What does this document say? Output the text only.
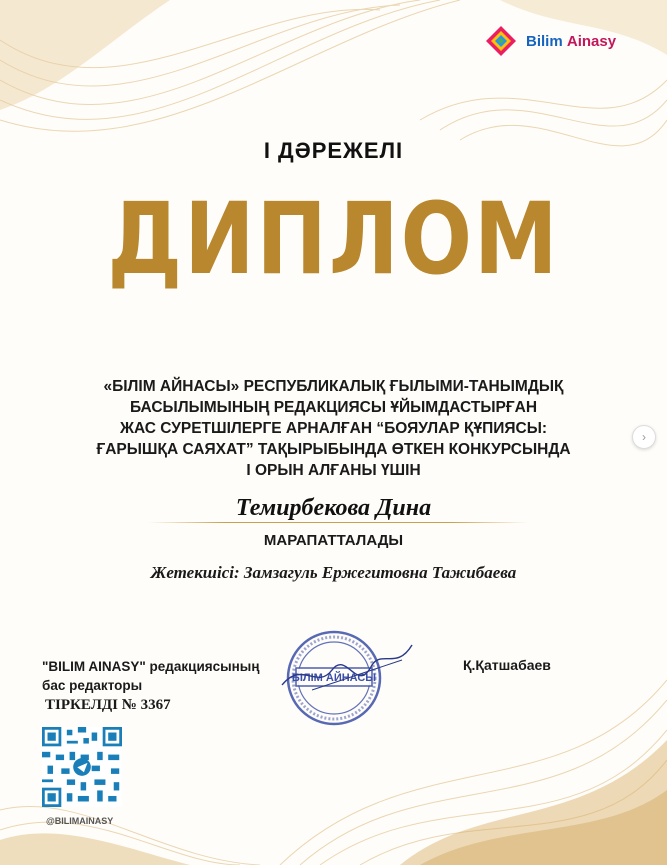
Bilim Ainasy
I ДӘРЕЖЕЛІ
ДИПЛОМ
«БІЛІМ АЙНАСЫ» РЕСПУБЛИКАЛЫҚ ҒЫЛЫМИ-ТАНЫМДЫҚ
БАСЫЛЫМЫНЫҢ РЕДАКЦИЯСЫ ҰЙЫМДАСТЫРҒАН
ЖАС СУРЕТШІЛЕРГЕ АРНАЛҒАН “БОЯУЛАР ҚҰПИЯСЫ:
ҒАРЫШҚА САЯХАТ” ТАҚЫРЫБЫНДА ӨТКЕН КОНКУРСЫНДА
І ОРЫН АЛҒАНЫ ҮШІН
Темирбекова Дина
МАРАПАТТАЛАДЫ
Жетекшісі: Замзагуль Ержегитовна Тажибаева
"BILIM AINASY" редакциясының
бас редакторы
ТІРКЕЛДІ № 3367
Қ.Қатшабаев
БІЛІМ АЙНАСЫ
@BILIMAINASY
›
